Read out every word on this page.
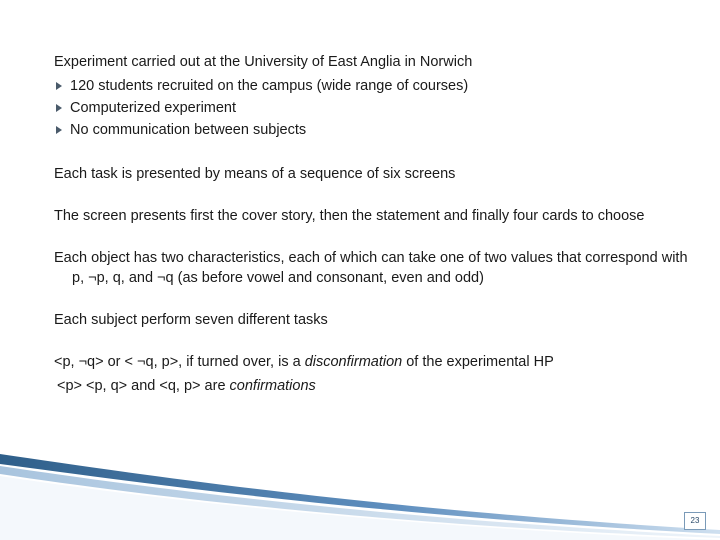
Experiment carried out at the University of East Anglia in Norwich

120 students recruited on the campus (wide range of courses)
Computerized experiment
No communication between subjects

Each task is presented by means of a sequence of six screens

The screen presents first the cover story, then the statement and finally four cards to choose

Each object has two characteristics, each of which can take one of two values that correspond with p, ¬p, q, and ¬q (as before vowel and consonant, even and odd)

Each subject perform seven different tasks

<p, ¬q> or < ¬q, p>, if turned over, is a disconfirmation of the experimental HP

<p> <p, q> and <q, p> are confirmations

23
